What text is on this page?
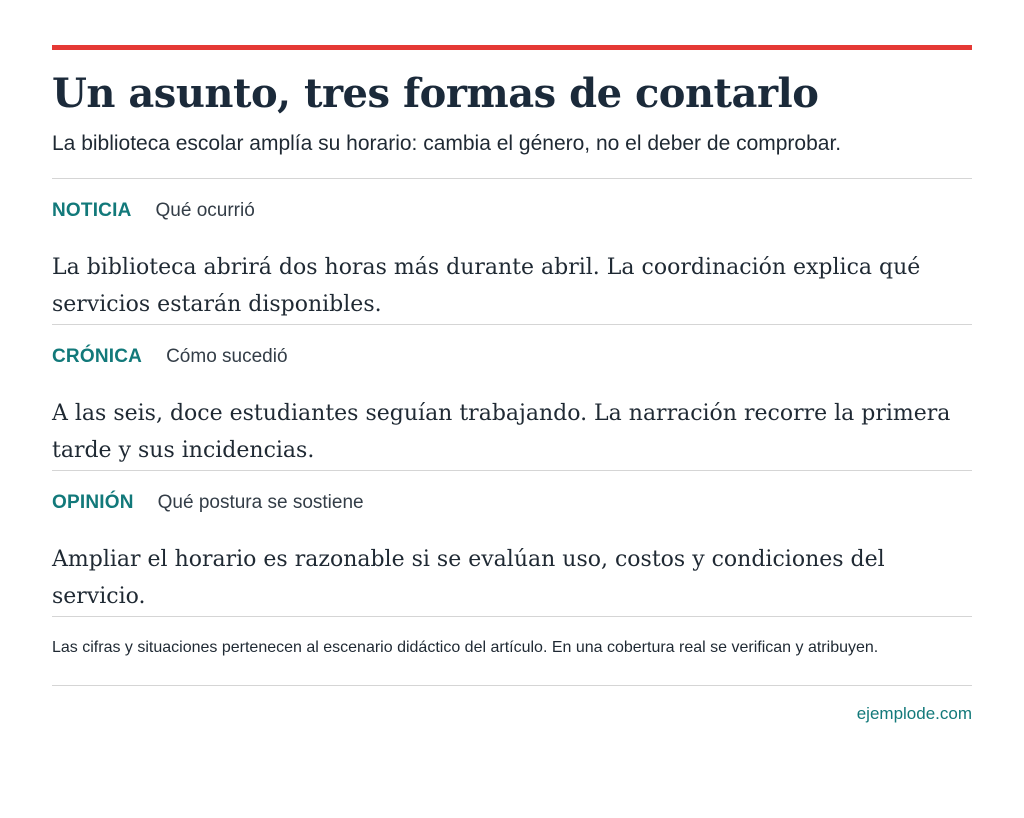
Un asunto, tres formas de contarlo

La biblioteca escolar amplía su horario: cambia el género, no el deber de comprobar.

NOTICIA Qué ocurrió

La biblioteca abrirá dos horas más durante abril. La coordinación explica qué servicios estarán disponibles.

CRÓNICA Cómo sucedió

A las seis, doce estudiantes seguían trabajando. La narración recorre la primera tarde y sus incidencias.

OPINIÓN Qué postura se sostiene

Ampliar el horario es razonable si se evalúan uso, costos y condiciones del servicio.

Las cifras y situaciones pertenecen al escenario didáctico del artículo. En una cobertura real se verifican y atribuyen.
ejemplode.com
